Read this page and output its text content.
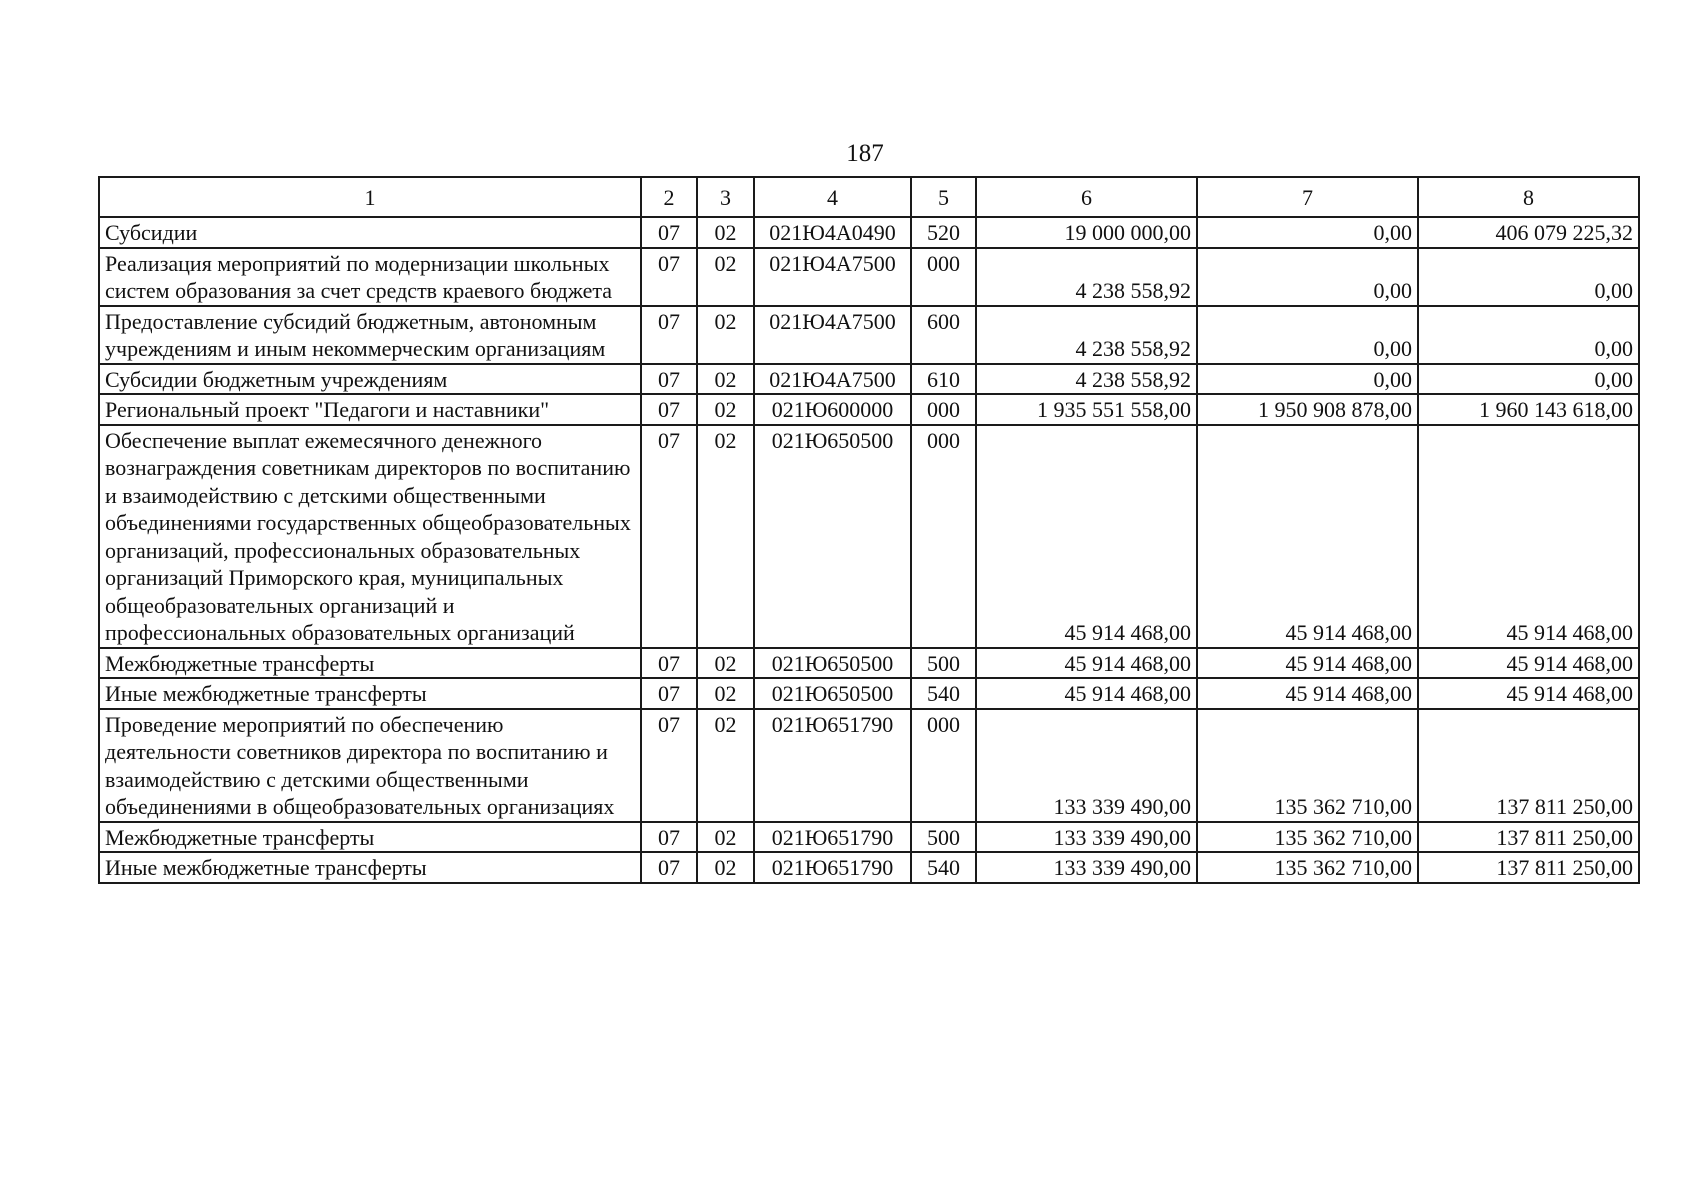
187
1	2	3	4	5	6	7	8
Субсидии	07	02	021Ю4А0490	520	19 000 000,00	0,00	406 079 225,32
Реализация мероприятий по модернизации школьных систем образования за счет средств краевого бюджета	07	02	021Ю4А7500	000	4 238 558,92	0,00	0,00
Предоставление субсидий бюджетным, автономным учреждениям и иным некоммерческим организациям	07	02	021Ю4А7500	600	4 238 558,92	0,00	0,00
Субсидии бюджетным учреждениям	07	02	021Ю4А7500	610	4 238 558,92	0,00	0,00
Региональный проект "Педагоги и наставники"	07	02	021Ю600000	000	1 935 551 558,00	1 950 908 878,00	1 960 143 618,00
Обеспечение выплат ежемесячного денежного вознаграждения советникам директоров по воспитанию и взаимодействию с детскими общественными объединениями государственных общеобразовательных организаций, профессиональных образовательных организаций Приморского края, муниципальных общеобразовательных организаций и профессиональных образовательных организаций	07	02	021Ю650500	000	45 914 468,00	45 914 468,00	45 914 468,00
Межбюджетные трансферты	07	02	021Ю650500	500	45 914 468,00	45 914 468,00	45 914 468,00
Иные межбюджетные трансферты	07	02	021Ю650500	540	45 914 468,00	45 914 468,00	45 914 468,00
Проведение мероприятий по обеспечению деятельности советников директора по воспитанию и взаимодействию с детскими общественными объединениями в общеобразовательных организациях	07	02	021Ю651790	000	133 339 490,00	135 362 710,00	137 811 250,00
Межбюджетные трансферты	07	02	021Ю651790	500	133 339 490,00	135 362 710,00	137 811 250,00
Иные межбюджетные трансферты	07	02	021Ю651790	540	133 339 490,00	135 362 710,00	137 811 250,00
